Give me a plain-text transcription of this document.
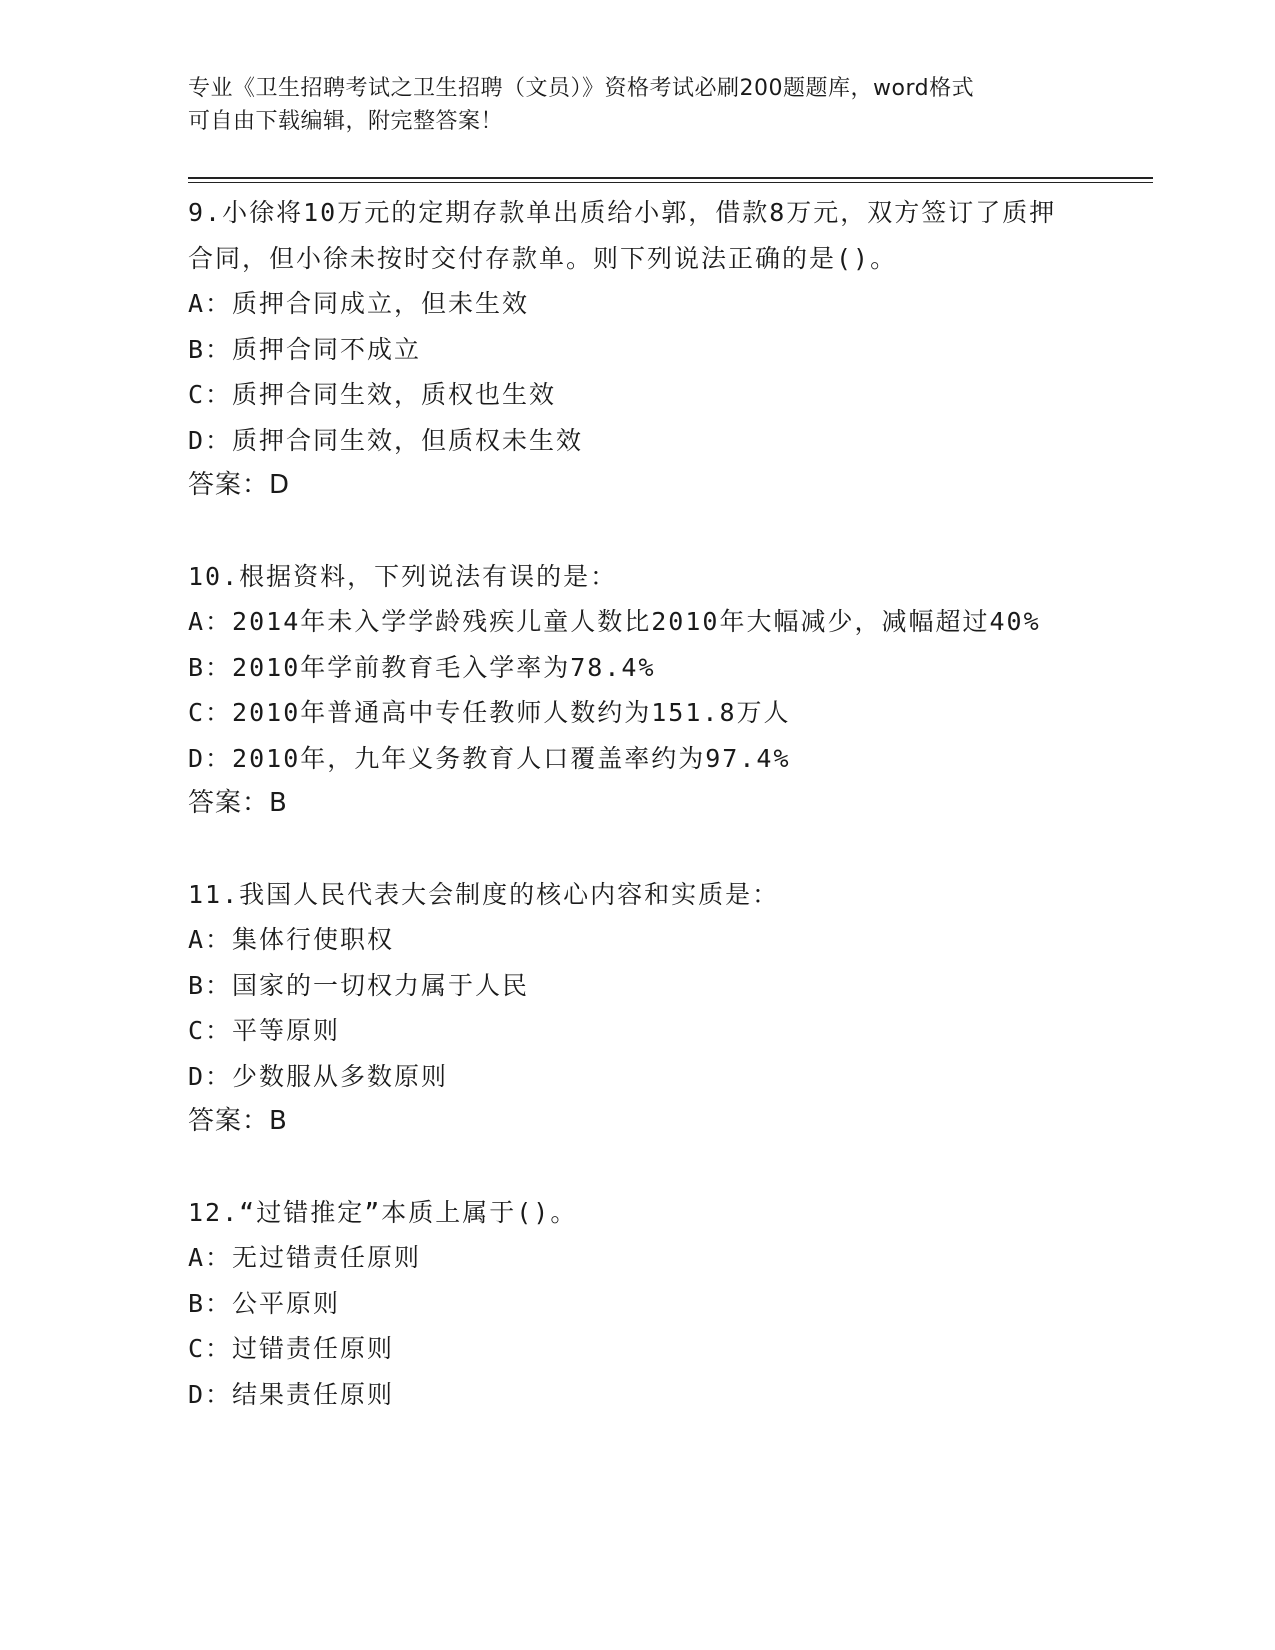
专业《卫生招聘考试之卫生招聘（文员）》资格考试必刷200题题库，word格式
可自由下载编辑，附完整答案！
9.小徐将10万元的定期存款单出质给小郭，借款8万元，双方签订了质押合同，但小徐未按时交付存款单。则下列说法正确的是()。
A：质押合同成立，但未生效
B：质押合同不成立
C：质押合同生效，质权也生效
D：质押合同生效，但质权未生效
答案：D
10.根据资料，下列说法有误的是：
A：2014年未入学学龄残疾儿童人数比2010年大幅减少，减幅超过40%
B：2010年学前教育毛入学率为78.4%
C：2010年普通高中专任教师人数约为151.8万人
D：2010年，九年义务教育人口覆盖率约为97.4%
答案：B
11.我国人民代表大会制度的核心内容和实质是：
A：集体行使职权
B：国家的一切权力属于人民
C：平等原则
D：少数服从多数原则
答案：B
12.“过错推定”本质上属于()。
A：无过错责任原则
B：公平原则
C：过错责任原则
D：结果责任原则
